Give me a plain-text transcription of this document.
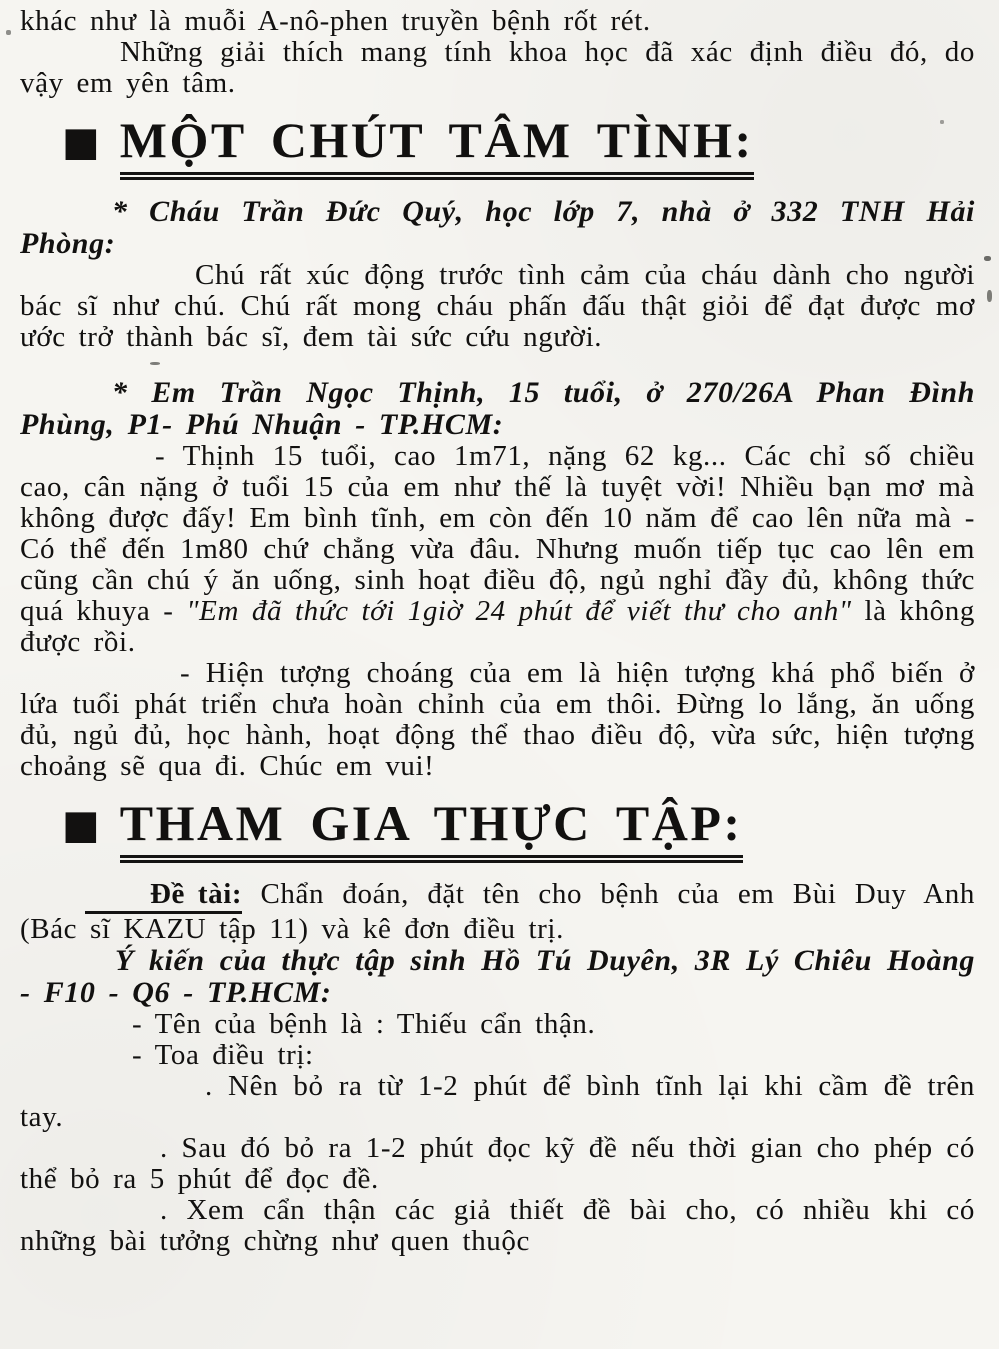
khác như là muỗi A-nô-phen truyền bệnh rốt rét.

Những giải thích mang tính khoa học đã xác định điều đó, do vậy em yên tâm.

■ MỘT CHÚT TÂM TÌNH:

* Cháu Trần Đức Quý, học lớp 7, nhà ở 332 TNH Hải Phòng:

Chú rất xúc động trước tình cảm của cháu dành cho người bác sĩ như chú. Chú rất mong cháu phấn đấu thật giỏi để đạt được mơ ước trở thành bác sĩ, đem tài sức cứu người.

* Em Trần Ngọc Thịnh, 15 tuổi, ở 270/26A Phan Đình Phùng, P1- Phú Nhuận - TP.HCM:

- Thịnh 15 tuổi, cao 1m71, nặng 62 kg... Các chỉ số chiều cao, cân nặng ở tuổi 15 của em như thế là tuyệt vời! Nhiều bạn mơ mà không được đấy! Em bình tĩnh, em còn đến 10 năm để cao lên nữa mà - Có thể đến 1m80 chứ chẳng vừa đâu. Nhưng muốn tiếp tục cao lên em cũng cần chú ý ăn uống, sinh hoạt điều độ, ngủ nghỉ đầy đủ, không thức quá khuya - "Em đã thức tới 1giờ 24 phút để viết thư cho anh" là không được rồi.

- Hiện tượng choáng của em là hiện tượng khá phổ biến ở lứa tuổi phát triển chưa hoàn chỉnh của em thôi. Đừng lo lắng, ăn uống đủ, ngủ đủ, học hành, hoạt động thể thao điều độ, vừa sức, hiện tượng choảng sẽ qua đi. Chúc em vui!

■ THAM GIA THỰC TẬP:

Đề tài: Chẩn đoán, đặt tên cho bệnh của em Bùi Duy Anh (Bác sĩ KAZU tập 11) và kê đơn điều trị.

Ý kiến của thực tập sinh Hồ Tú Duyên, 3R Lý Chiêu Hoàng - F10 - Q6 - TP.HCM:

- Tên của bệnh là : Thiếu cẩn thận.

- Toa điều trị:

. Nên bỏ ra từ 1-2 phút để bình tĩnh lại khi cầm đề trên tay.

. Sau đó bỏ ra 1-2 phút đọc kỹ đề nếu thời gian cho phép có thể bỏ ra 5 phút để đọc đề.

. Xem cẩn thận các giả thiết đề bài cho, có nhiều khi có những bài tưởng chừng như quen thuộc
